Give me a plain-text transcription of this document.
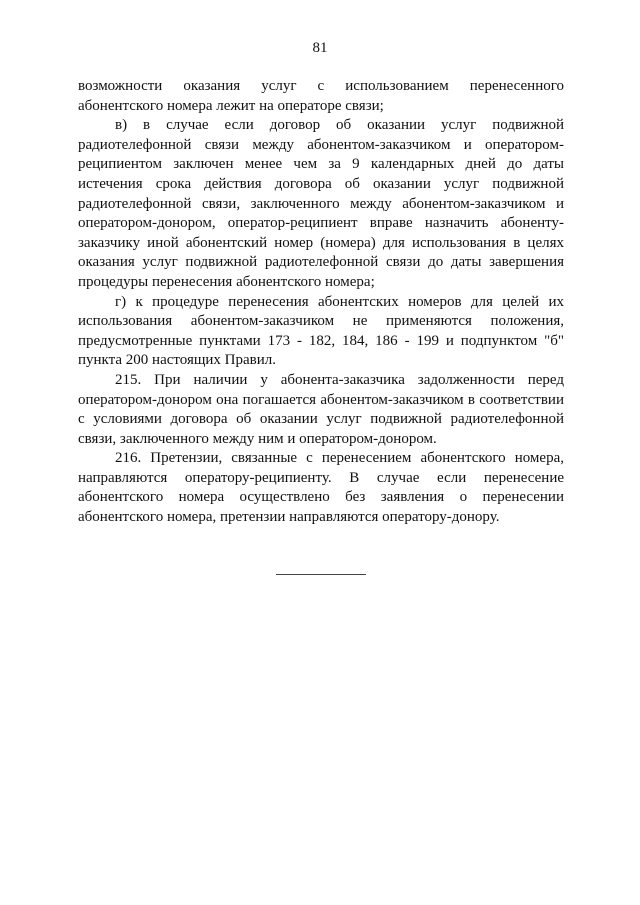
81

возможности оказания услуг с использованием перенесенного абонентского номера лежит на операторе связи;

в) в случае если договор об оказании услуг подвижной радиотелефонной связи между абонентом-заказчиком и оператором-реципиентом заключен менее чем за 9 календарных дней до даты истечения срока действия договора об оказании услуг подвижной радиотелефонной связи, заключенного между абонентом-заказчиком и оператором-донором, оператор-реципиент вправе назначить абоненту-заказчику иной абонентский номер (номера) для использования в целях оказания услуг подвижной радиотелефонной связи до даты завершения процедуры перенесения абонентского номера;

г) к процедуре перенесения абонентских номеров для целей их использования абонентом-заказчиком не применяются положения, предусмотренные пунктами 173 - 182, 184, 186 - 199 и подпунктом "б" пункта 200 настоящих Правил.

215. При наличии у абонента-заказчика задолженности перед оператором-донором она погашается абонентом-заказчиком в соответствии с условиями договора об оказании услуг подвижной радиотелефонной связи, заключенного между ним и оператором-донором.

216. Претензии, связанные с перенесением абонентского номера, направляются оператору-реципиенту. В случае если перенесение абонентского номера осуществлено без заявления о перенесении абонентского номера, претензии направляются оператору-донору.
